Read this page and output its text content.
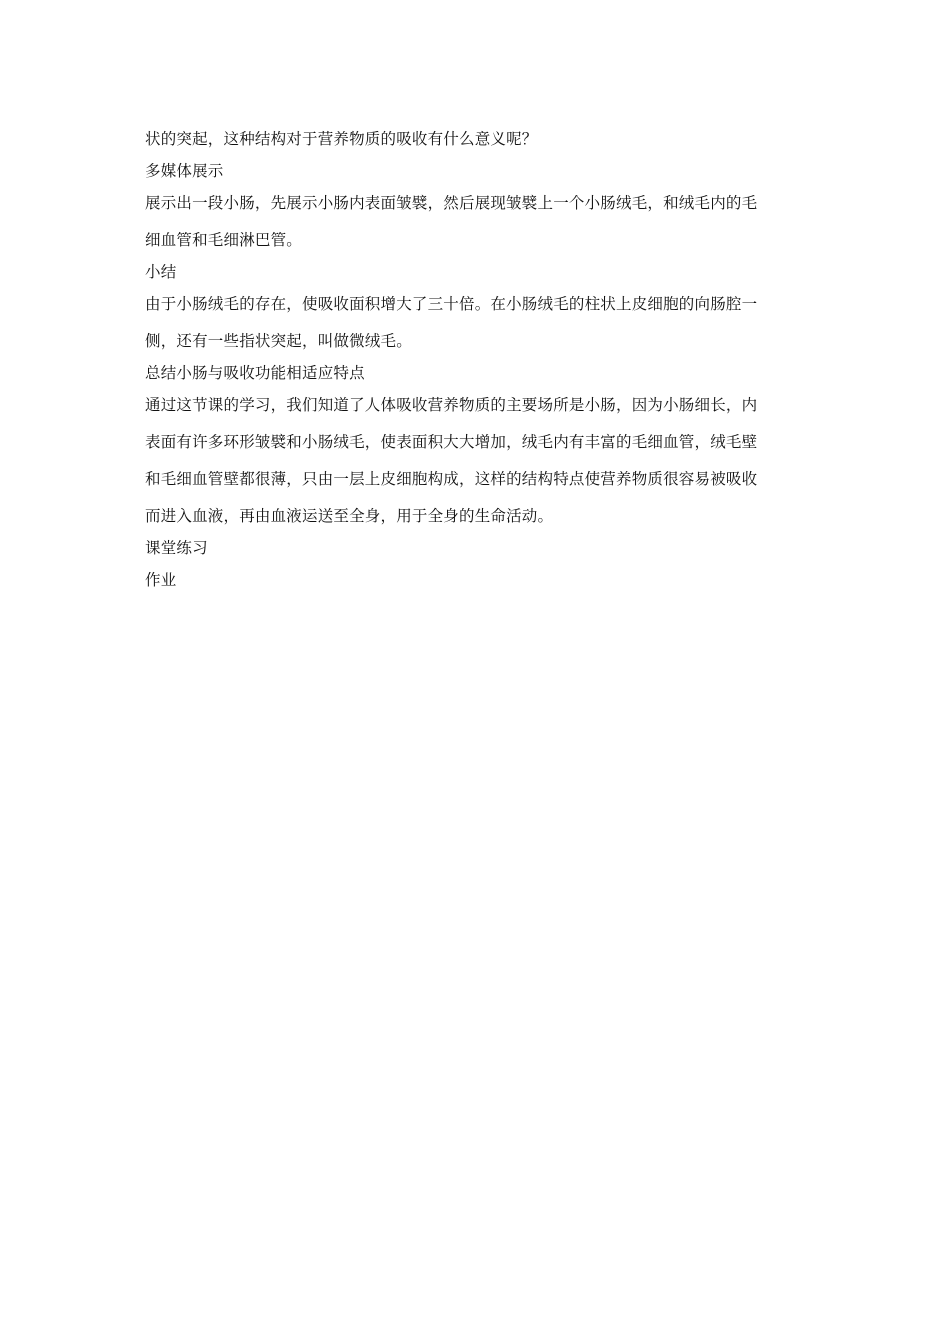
状的突起，这种结构对于营养物质的吸收有什么意义呢？
多媒体展示
展示出一段小肠，先展示小肠内表面皱襞，然后展现皱襞上一个小肠绒毛，和绒毛内的毛
细血管和毛细淋巴管。
小结
由于小肠绒毛的存在，使吸收面积增大了三十倍。在小肠绒毛的柱状上皮细胞的向肠腔一
侧，还有一些指状突起，叫做微绒毛。
总结小肠与吸收功能相适应特点
通过这节课的学习，我们知道了人体吸收营养物质的主要场所是小肠，因为小肠细长，内
表面有许多环形皱襞和小肠绒毛，使表面积大大增加，绒毛内有丰富的毛细血管，绒毛壁
和毛细血管壁都很薄，只由一层上皮细胞构成，这样的结构特点使营养物质很容易被吸收
而进入血液，再由血液运送至全身，用于全身的生命活动。
课堂练习
作业
